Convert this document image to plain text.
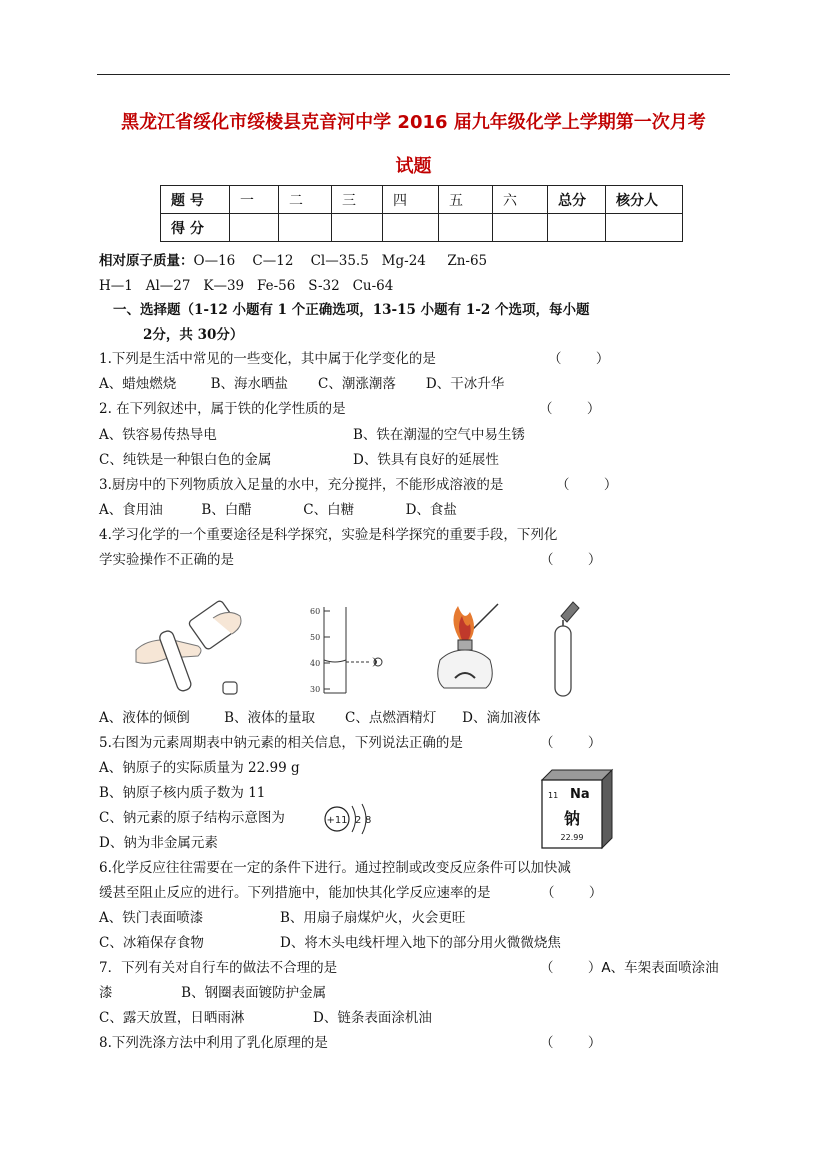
黑龙江省绥化市绥棱县克音河中学 2016 届九年级化学上学期第一次月考
试题
题 号	一	二	三	四	五	六	总分	核分人
得 分								
相对原子质量：O—16    C—12    Cl—35.5   Mg-24     Zn-65
H—1   Al—27   K—39   Fe-56   S-32   Cu-64
一、选择题（1-12 小题有 1 个正确选项，13-15 小题有 1-2 个选项，每小题
2分，共 30分）
1.下列是生活中常见的一些变化，其中属于化学变化的是	（        ）
A、蜡烛燃烧        B、海水晒盐       C、潮涨潮落       D、干冰升华
2. 在下列叙述中，属于铁的化学性质的是	（        ）
A、铁容易传热导电	B、铁在潮湿的空气中易生锈
C、纯铁是一种银白色的金属	D、铁具有良好的延展性
3.厨房中的下列物质放入足量的水中，充分搅拌，不能形成溶液的是	（        ）
A、食用油         B、白醋            C、白糖            D、食盐
4.学习化学的一个重要途径是科学探究，实验是科学探究的重要手段，下列化
学实验操作不正确的是	（        ）
60
50
40
30
A、液体的倾倒        B、液体的量取       C、点燃酒精灯      D、滴加液体
5.右图为元素周期表中钠元素的相关信息，下列说法正确的是	（        ）
A、钠原子的实际质量为 22.99 g
B、钠原子核内质子数为 11
C、钠元素的原子结构示意图为
D、钠为非金属元素
+11 2 8
11 Na
钠
22.99
6.化学反应往往需要在一定的条件下进行。通过控制或改变反应条件可以加快减
缓甚至阻止反应的进行。下列措施中，能加快其化学反应速率的是	（        ）
A、铁门表面喷漆	B、用扇子扇煤炉火，火会更旺
C、冰箱保存食物	D、将木头电线杆埋入地下的部分用火微微烧焦
7．下列有关对自行车的做法不合理的是	（        ）A、车架表面喷涂油
漆                B、钢圈表面镀防护金属
C、露天放置，日晒雨淋                D、链条表面涂机油
8.下列洗涤方法中利用了乳化原理的是	（        ）
